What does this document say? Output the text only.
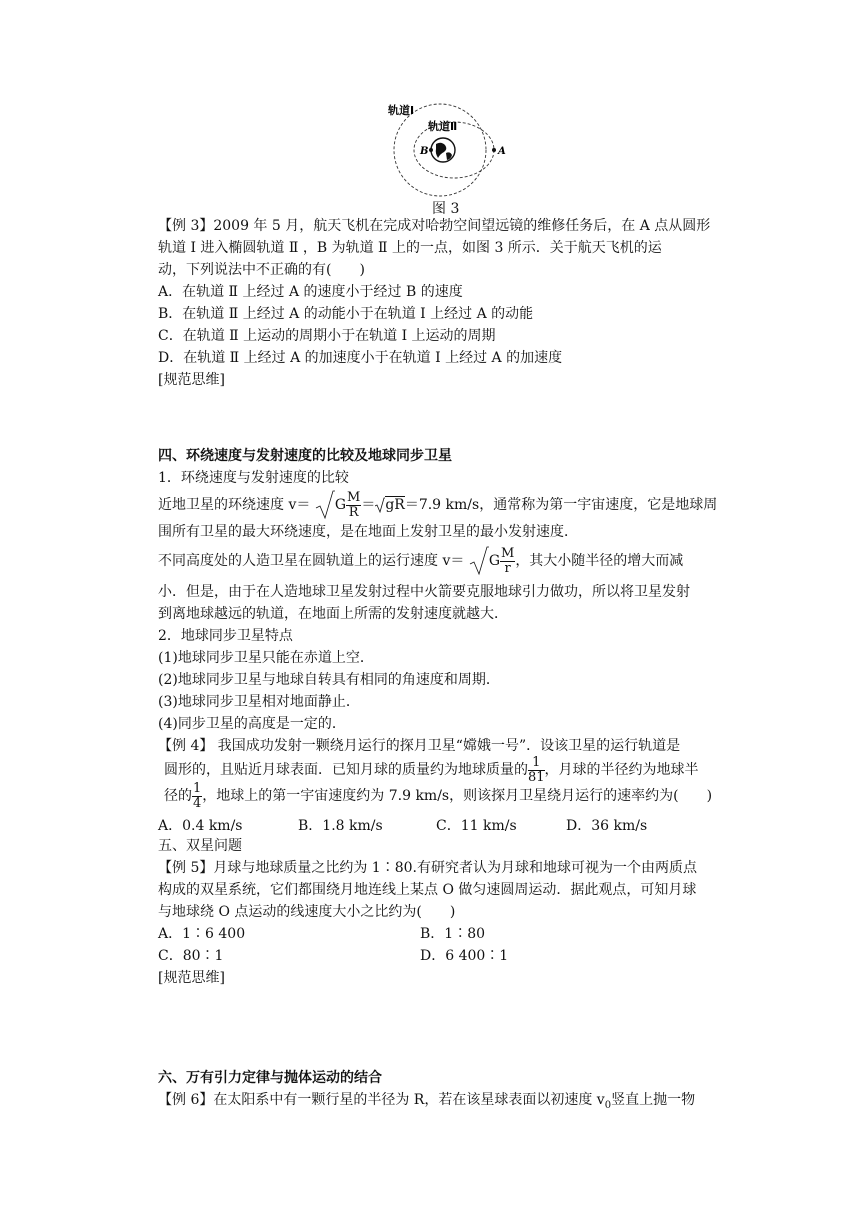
轨道Ⅰ
轨道Ⅱ
B	A
图 3
【例 3】2009 年 5 月，航天飞机在完成对哈勃空间望远镜的维修任务后，在 A 点从圆形
轨道 Ⅰ 进入椭圆轨道 Ⅱ ，B 为轨道 Ⅱ 上的一点，如图 3 所示．关于航天飞机的运
动，下列说法中不正确的有(　　)
A．在轨道 Ⅱ 上经过 A 的速度小于经过 B 的速度
B．在轨道 Ⅱ 上经过 A 的动能小于在轨道 Ⅰ 上经过 A 的动能
C．在轨道 Ⅱ 上运动的周期小于在轨道 Ⅰ 上运动的周期
D．在轨道 Ⅱ 上经过 A 的加速度小于在轨道 Ⅰ 上经过 A 的加速度
[规范思维]
四、环绕速度与发射速度的比较及地球同步卫星
1．环绕速度与发射速度的比较
近地卫星的环绕速度 v＝ G $\frac{M}{R} = gR=7.9$ km/s，通常称为第一宇宙速度，它是地球周
围所有卫星的最大环绕速度，是在地面上发射卫星的最小发射速度．
不同高度处的人造卫星在圆轨道上的运行速度 v＝ G $\frac{M}{r}$ ，其大小随半径的增大而减
小．但是，由于在人造地球卫星发射过程中火箭要克服地球引力做功，所以将卫星发射
到离地球越远的轨道，在地面上所需的发射速度就越大．
2．地球同步卫星特点
(1)地球同步卫星只能在赤道上空．
(2)地球同步卫星与地球自转具有相同的角速度和周期．
(3)地球同步卫星相对地面静止．
(4)同步卫星的高度是一定的．
【例 4】 我国成功发射一颗绕月运行的探月卫星“嫦娥一号”．设该卫星的运行轨道是
圆形的，且贴近月球表面．已知月球的质量约为地球质量的 $\frac{1}{81}$ ，月球的半径约为地球半
径的 $\frac{1}{4}$ ，地球上的第一宇宙速度约为 7.9 km/s，则该探月卫星绕月运行的速率约为(　　)
A．0.4 km/s	B．1.8 km/s	C．11 km/s	D．36 km/s
五、双星问题
【例 5】月球与地球质量之比约为 1∶80.有研究者认为月球和地球可视为一个由两质点
构成的双星系统，它们都围绕月地连线上某点 O 做匀速圆周运动．据此观点，可知月球
与地球绕 O 点运动的线速度大小之比约为(　　)
A．1∶6 400	B．1∶80
C．80∶1	D．6 400∶1
[规范思维]
六、万有引力定律与抛体运动的结合
【例 6】在太阳系中有一颗行星的半径为 R，若在该星球表面以初速度 $v_0$竖直上抛一物
